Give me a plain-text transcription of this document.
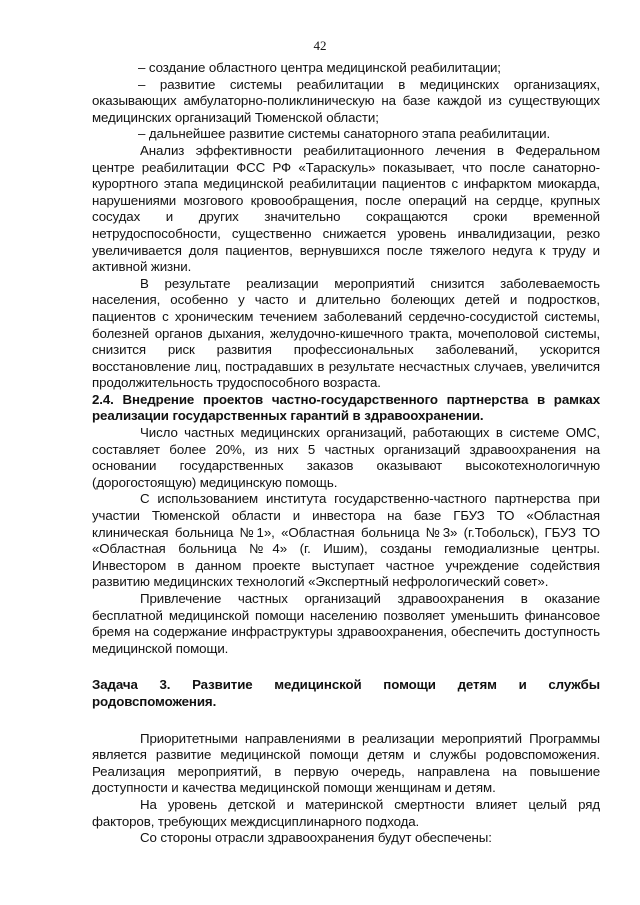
42

– создание областного центра медицинской реабилитации;

– развитие системы реабилитации в медицинских организациях, оказывающих амбулаторно-поликлиническую на базе каждой из существующих медицинских организаций Тюменской области;

– дальнейшее развитие системы санаторного этапа реабилитации.

Анализ эффективности реабилитационного лечения в Федеральном центре реабилитации ФСС РФ «Тараскуль» показывает, что после санаторно-курортного этапа медицинской реабилитации пациентов с инфарктом миокарда, нарушениями мозгового кровообращения, после операций на сердце, крупных сосудах и других значительно сокращаются сроки временной нетрудоспособности, существенно снижается уровень инвалидизации, резко увеличивается доля пациентов, вернувшихся после тяжелого недуга к труду и активной жизни.

В результате реализации мероприятий снизится заболеваемость населения, особенно у часто и длительно болеющих детей и подростков, пациентов с хроническим течением заболеваний сердечно-сосудистой системы, болезней органов дыхания, желудочно-кишечного тракта, мочеполовой системы, снизится риск развития профессиональных заболеваний, ускорится восстановление лиц, пострадавших в результате несчастных случаев, увеличится продолжительность трудоспособного возраста.

2.4. Внедрение проектов частно-государственного партнерства в рамках реализации государственных гарантий в здравоохранении.

Число частных медицинских организаций, работающих в системе ОМС, составляет более 20%, из них 5 частных организаций здравоохранения на основании государственных заказов оказывают высокотехнологичную (дорогостоящую) медицинскую помощь.

С использованием института государственно-частного партнерства при участии Тюменской области и инвестора на базе ГБУЗ ТО «Областная клиническая больница №1», «Областная больница №3» (г.Тобольск), ГБУЗ ТО «Областная больница №4» (г. Ишим), созданы гемодиализные центры. Инвестором в данном проекте выступает частное учреждение содействия развитию медицинских технологий «Экспертный нефрологический совет».

Привлечение частных организаций здравоохранения в оказание бесплатной медицинской помощи населению позволяет уменьшить финансовое бремя на содержание инфраструктуры здравоохранения, обеспечить доступность медицинской помощи.

Задача 3. Развитие медицинской помощи детям и службы родовспоможения.

Приоритетными направлениями в реализации мероприятий Программы является развитие медицинской помощи детям и службы родовспоможения. Реализация мероприятий, в первую очередь, направлена на повышение доступности и качества медицинской помощи женщинам и детям.

На уровень детской и материнской смертности влияет целый ряд факторов, требующих междисциплинарного подхода.

Со стороны отрасли здравоохранения будут обеспечены:
